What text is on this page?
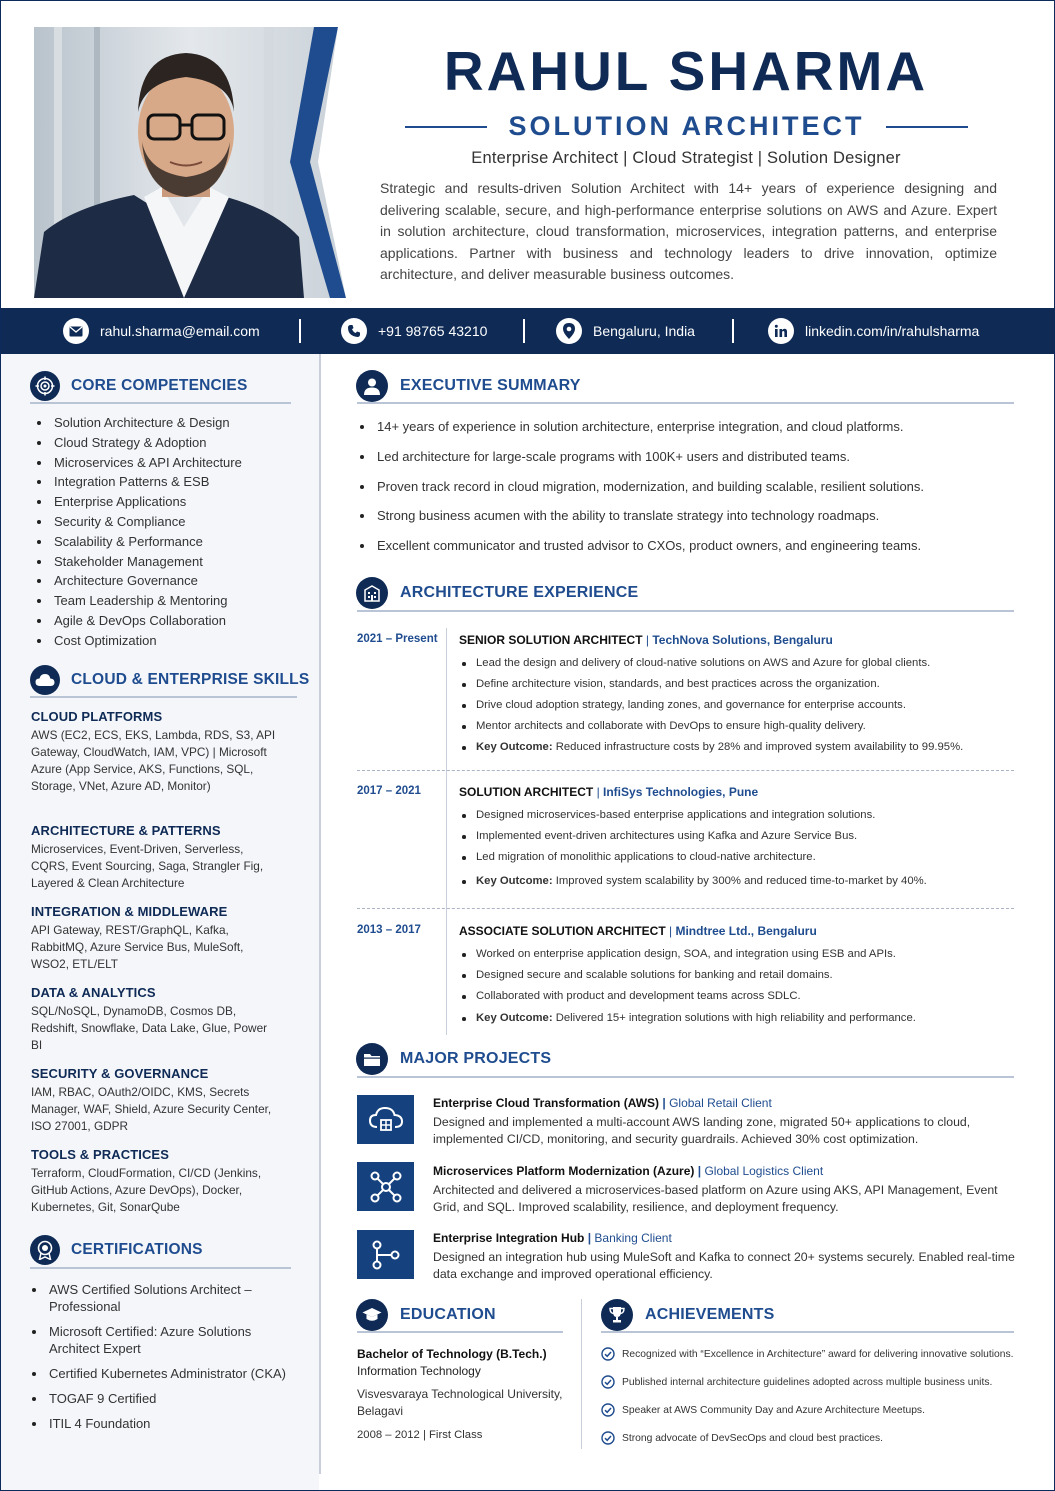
RAHUL SHARMA
SOLUTION ARCHITECT
Enterprise Architect | Cloud Strategist | Solution Designer
Strategic and results-driven Solution Architect with 14+ years of experience designing and delivering scalable, secure, and high-performance enterprise solutions on AWS and Azure. Expert in solution architecture, cloud transformation, microservices, integration patterns, and enterprise applications. Partner with business and technology leaders to drive innovation, optimize architecture, and deliver measurable business outcomes.
rahul.sharma@email.com	+91 98765 43210	Bengaluru, India	linkedin.com/in/rahulsharma
CORE COMPETENCIES
Solution Architecture & Design
Cloud Strategy & Adoption
Microservices & API Architecture
Integration Patterns & ESB
Enterprise Applications
Security & Compliance
Scalability & Performance
Stakeholder Management
Architecture Governance
Team Leadership & Mentoring
Agile & DevOps Collaboration
Cost Optimization
CLOUD & ENTERPRISE SKILLS
CLOUD PLATFORMS
AWS (EC2, ECS, EKS, Lambda, RDS, S3, API Gateway, CloudWatch, IAM, VPC) | Microsoft Azure (App Service, AKS, Functions, SQL, Storage, VNet, Azure AD, Monitor)
ARCHITECTURE & PATTERNS
Microservices, Event-Driven, Serverless, CQRS, Event Sourcing, Saga, Strangler Fig, Layered & Clean Architecture
INTEGRATION & MIDDLEWARE
API Gateway, REST/GraphQL, Kafka, RabbitMQ, Azure Service Bus, MuleSoft, WSO2, ETL/ELT
DATA & ANALYTICS
SQL/NoSQL, DynamoDB, Cosmos DB, Redshift, Snowflake, Data Lake, Glue, Power BI
SECURITY & GOVERNANCE
IAM, RBAC, OAuth2/OIDC, KMS, Secrets Manager, WAF, Shield, Azure Security Center, ISO 27001, GDPR
TOOLS & PRACTICES
Terraform, CloudFormation, CI/CD (Jenkins, GitHub Actions, Azure DevOps), Docker, Kubernetes, Git, SonarQube
CERTIFICATIONS
AWS Certified Solutions Architect – Professional
Microsoft Certified: Azure Solutions Architect Expert
Certified Kubernetes Administrator (CKA)
TOGAF 9 Certified
ITIL 4 Foundation
EXECUTIVE SUMMARY
14+ years of experience in solution architecture, enterprise integration, and cloud platforms.
Led architecture for large-scale programs with 100K+ users and distributed teams.
Proven track record in cloud migration, modernization, and building scalable, resilient solutions.
Strong business acumen with the ability to translate strategy into technology roadmaps.
Excellent communicator and trusted advisor to CXOs, product owners, and engineering teams.
ARCHITECTURE EXPERIENCE
2021 – Present SENIOR SOLUTION ARCHITECT | TechNova Solutions, Bengaluru
Lead the design and delivery of cloud-native solutions on AWS and Azure for global clients.
Define architecture vision, standards, and best practices across the organization.
Drive cloud adoption strategy, landing zones, and governance for enterprise accounts.
Mentor architects and collaborate with DevOps to ensure high-quality delivery.
Key Outcome: Reduced infrastructure costs by 28% and improved system availability to 99.95%.
2017 – 2021	SOLUTION ARCHITECT | InfiSys Technologies, Pune
Designed microservices-based enterprise applications and integration solutions.
Implemented event-driven architectures using Kafka and Azure Service Bus.
Led migration of monolithic applications to cloud-native architecture.
Key Outcome: Improved system scalability by 300% and reduced time-to-market by 40%.
2013 – 2017	ASSOCIATE SOLUTION ARCHITECT | Mindtree Ltd., Bengaluru
Worked on enterprise application design, SOA, and integration using ESB and APIs.
Designed secure and scalable solutions for banking and retail domains.
Collaborated with product and development teams across SDLC.
Key Outcome: Delivered 15+ integration solutions with high reliability and performance.
MAJOR PROJECTS
Enterprise Cloud Transformation (AWS) | Global Retail Client
Designed and implemented a multi-account AWS landing zone, migrated 50+ applications to cloud, implemented CI/CD, monitoring, and security guardrails. Achieved 30% cost optimization.
Microservices Platform Modernization (Azure) | Global Logistics Client
Architected and delivered a microservices-based platform on Azure using AKS, API Management, Event Grid, and SQL. Improved scalability, resilience, and deployment frequency.
Enterprise Integration Hub | Banking Client
Designed an integration hub using MuleSoft and Kafka to connect 20+ systems securely. Enabled real-time data exchange and improved operational efficiency.
EDUCATION
Bachelor of Technology (B.Tech.)
Information Technology
Visvesvaraya Technological University, Belagavi
2008 – 2012 | First Class
ACHIEVEMENTS
Recognized with “Excellence in Architecture” award for delivering innovative solutions.
Published internal architecture guidelines adopted across multiple business units.
Speaker at AWS Community Day and Azure Architecture Meetups.
Strong advocate of DevSecOps and cloud best practices.
